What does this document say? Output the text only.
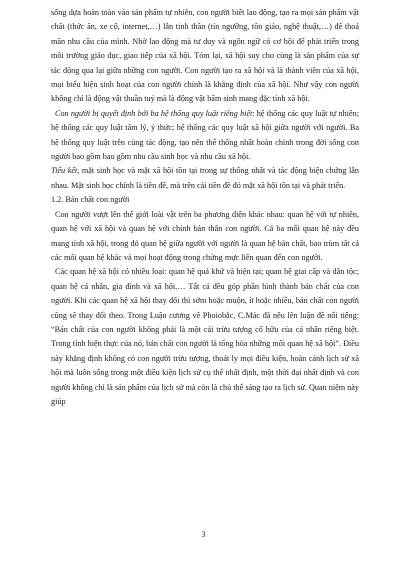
sống dựa hoàn toàn vào sản phẩm tự nhiên, con người biết lao động, tạo ra mọi sản phẩm vật chất (thức ăn, xe cộ, internet,…) lẫn tinh thần (tín ngưỡng, tôn giáo, nghệ thuật,…) để thoả mãn nhu cầu của mình. Nhờ lao động mà tư duy và ngôn ngữ có cơ hội để phát triển trong môi trường giáo dục, giao tiếp của xã hội. Tóm lại, xã hội suy cho cùng là sản phẩm của sự tác động qua lại giữa những con người. Con người tạo ra xã hội và là thành viên của xã hội, mọi biểu hiện sinh hoạt của con người chính là khẳng định của xã hội. Như vậy con người không chỉ là động vật thuần tuý mà là động vật bẩm sinh mang đặc tính xã hội.

Con người bị quyết định bởi ba hệ thống quy luật riêng biệt: hệ thống các quy luật tự nhiên; hệ thống các quy luật tâm lý, ý thức; hệ thống các quy luật xã hội giữa người với người. Ba hệ thống quy luật trên cùng tác động, tạo nên thể thống nhất hoàn chỉnh trong đời sống con người bao gồm bao gồm nhu cầu sinh học và nhu cầu xã hội.

Tiểu kết, mặt sinh học và mặt xã hội tồn tại trong sự thống nhất và tác động biện chứng lẫn nhau. Mặt sinh học chính là tiền đề, mà trên cái tiền đề đó mặt xã hội tồn tại và phát triển.

1.2. Bản chất con người

Con người vượt lên thế giới loài vật trên ba phương diện khác nhau: quan hệ với tự nhiên, quan hệ với xã hội và quan hệ với chính bản thân con người. Cả ba mối quan hệ này đều mang tính xã hội, trong đó quan hệ giữa người với người là quan hệ bản chất, bao trùm tất cả các mối quan hệ khác và mọi hoạt động trong chừng mực liên quan đến con người.

Các quan hệ xã hội có nhiều loại: quan hệ quá khứ và hiện tại; quan hệ giai cấp và dân tộc; quan hệ cá nhân, gia đình và xã hội,… Tất cả đều góp phần hình thành bản chất của con người. Khi các quan hệ xã hội thay đổi thì sớm hoặc muộn, ít hoặc nhiều, bản chất con người cũng sẽ thay đổi theo. Trong Luận cương về Phoiobắc, C.Mác đã nêu lên luận đề nổi tiếng: “Bản chất của con người không phải là một cái trừu tượng cố hữu của cá nhân riêng biệt. Trong tính hiện thực của nó, bản chất con người là tổng hòa những mối quan hệ xã hội”. Điều này khẳng định không có con người trừu tượng, thoát ly mọi điều kiện, hoàn cảnh lịch sử xã hội mà luôn sống trong một điều kiện lịch sử cụ thể nhất định, một thời đại nhất định và con người không chỉ là sản phẩm của lịch sử mà còn là chủ thể sáng tạo ra lịch sử. Quan niệm này giúp

3
